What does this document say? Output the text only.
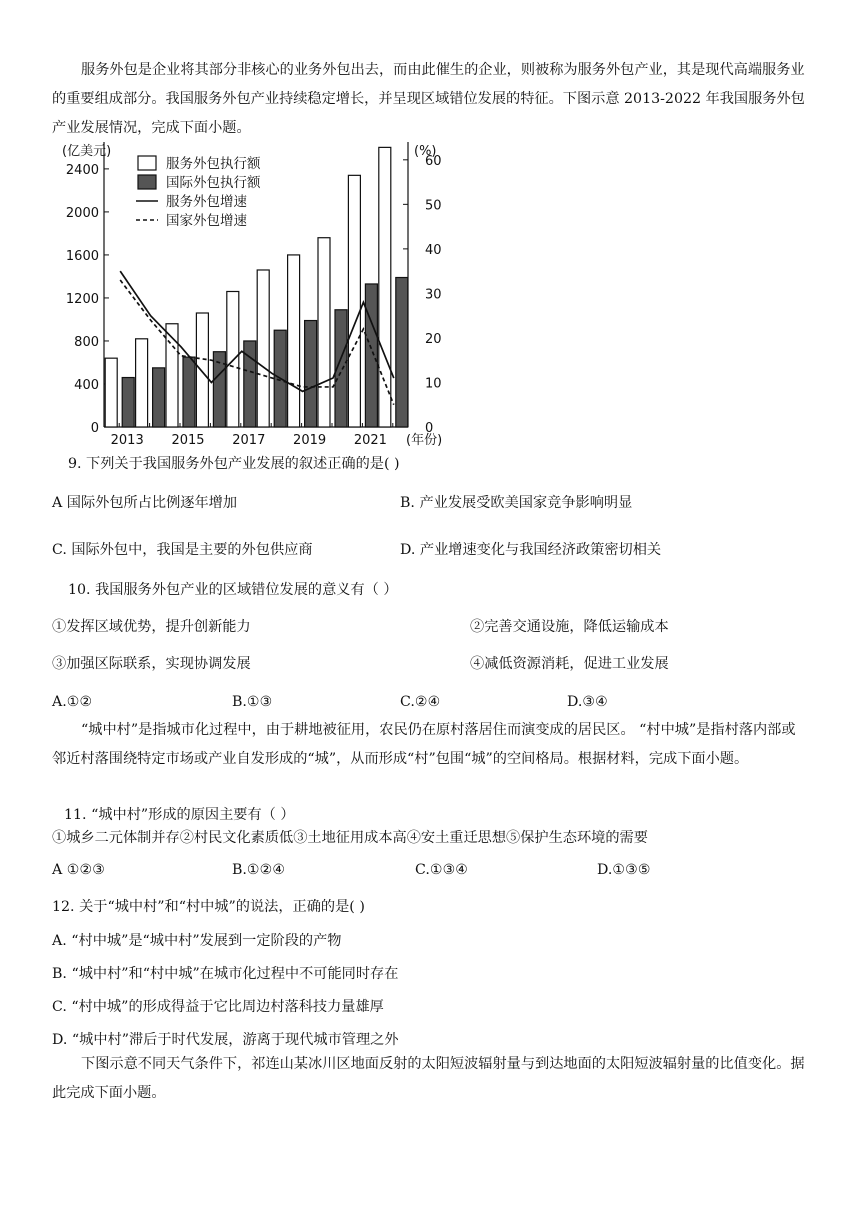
服务外包是企业将其部分非核心的业务外包出去，而由此催生的企业，则被称为服务外包产业，其是现代高端服务业的重要组成部分。我国服务外包产业持续稳定增长，并呈现区域错位发展的特征。下图示意 2013-2022 年我国服务外包产业发展情况，完成下面小题。

0
400
800
1200
1600
2000
2400
0
10
20
30
40
50
60
2013 2015 2017 2019 2021
(亿美元)	(%)
(年份)
服务外包执行额
国际外包执行额
服务外包增速
国家外包增速

9. 下列关于我国服务外包产业发展的叙述正确的是( )

A 国际外包所占比例逐年增加	B. 产业发展受欧美国家竞争影响明显

C. 国际外包中，我国是主要的外包供应商	D. 产业增速变化与我国经济政策密切相关

10. 我国服务外包产业的区域错位发展的意义有（ ）

①发挥区域优势，提升创新能力	②完善交通设施，降低运输成本

③加强区际联系，实现协调发展	④减低资源消耗，促进工业发展

A.①②	B.①③	C.②④	D.③④

“城中村”是指城市化过程中，由于耕地被征用，农民仍在原村落居住而演变成的居民区。 “村中城”是指村落内部或邻近村落围绕特定市场或产业自发形成的“城”，从而形成“村”包围“城”的空间格局。根据材料，完成下面小题。

11. “城中村”形成的原因主要有（ ）

①城乡二元体制并存②村民文化素质低③土地征用成本高④安土重迁思想⑤保护生态环境的需要

A ①②③	B.①②④	C.①③④	D.①③⑤

12. 关于“城中村”和“村中城”的说法，正确的是( )

A. “村中城”是“城中村”发展到一定阶段的产物

B. “城中村”和“村中城”在城市化过程中不可能同时存在

C. “村中城”的形成得益于它比周边村落科技力量雄厚

D. “城中村”滞后于时代发展，游离于现代城市管理之外

下图示意不同天气条件下，祁连山某冰川区地面反射的太阳短波辐射量与到达地面的太阳短波辐射量的比值变化。据此完成下面小题。
